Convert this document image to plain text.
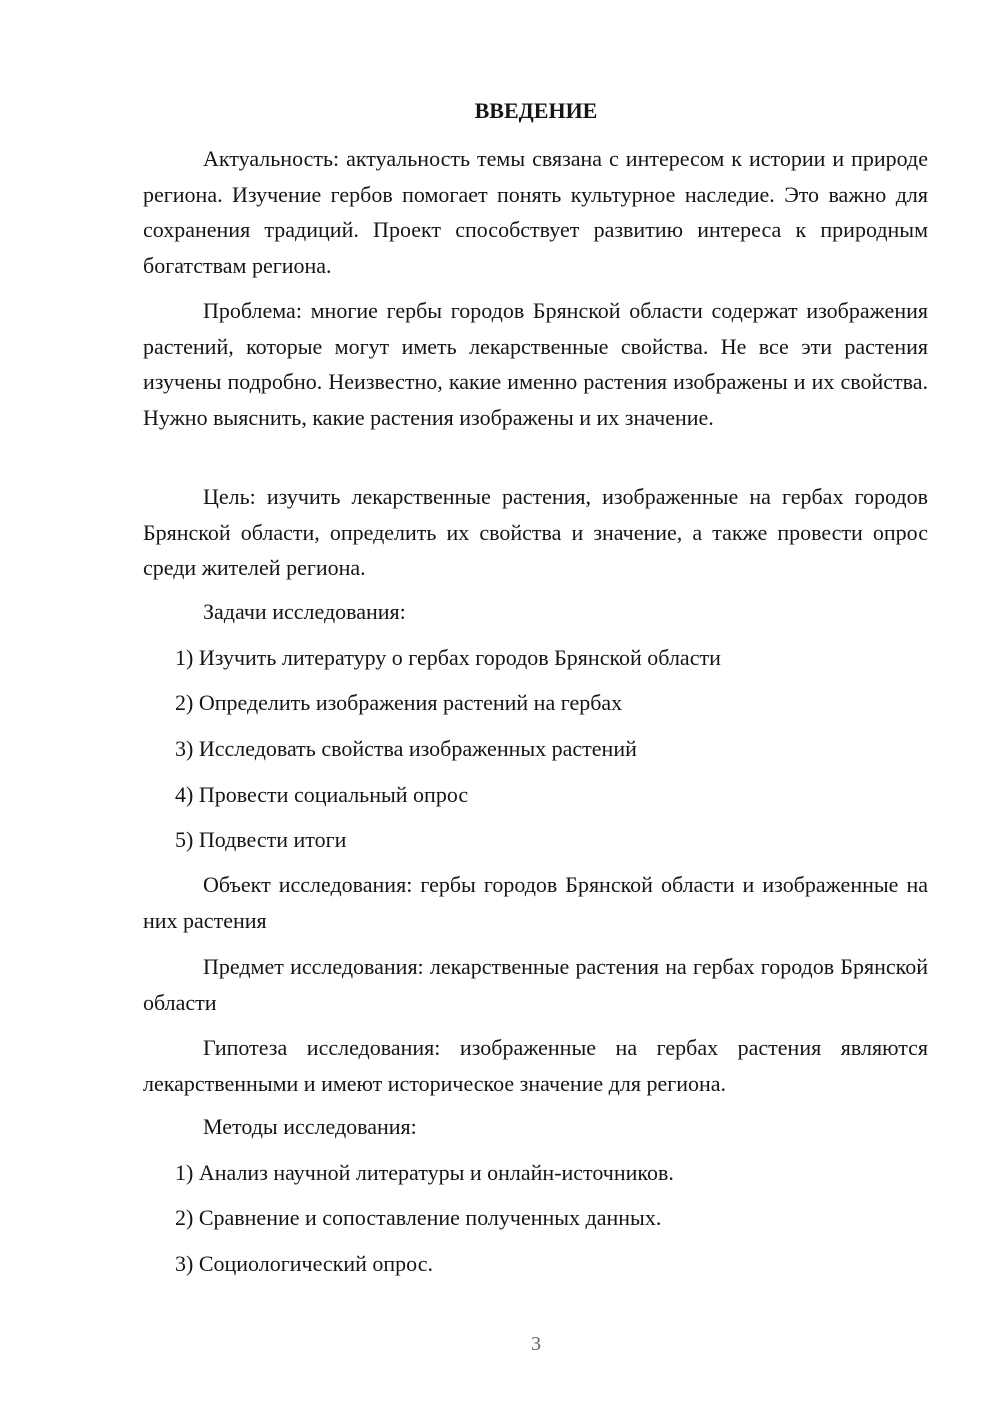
ВВЕДЕНИЕ

Актуальность: актуальность темы связана с интересом к истории и природе региона. Изучение гербов помогает понять культурное наследие. Это важно для сохранения традиций. Проект способствует развитию интереса к природным богатствам региона.

Проблема: многие гербы городов Брянской области содержат изображения растений, которые могут иметь лекарственные свойства. Не все эти растения изучены подробно. Неизвестно, какие именно растения изображены и их свойства. Нужно выяснить, какие растения изображены и их значение.

Цель: изучить лекарственные растения, изображенные на гербах городов Брянской области, определить их свойства и значение, а также провести опрос среди жителей региона.

Задачи исследования:
1) Изучить литературу о гербах городов Брянской области
2) Определить изображения растений на гербах
3) Исследовать свойства изображенных растений
4) Провести социальный опрос
5) Подвести итоги

Объект исследования: гербы городов Брянской области и изображенные на них растения

Предмет исследования: лекарственные растения на гербах городов Брянской области

Гипотеза исследования: изображенные на гербах растения являются лекарственными и имеют историческое значение для региона.

Методы исследования:
1) Анализ научной литературы и онлайн-источников.
2) Сравнение и сопоставление полученных данных.
3) Социологический опрос.
3
